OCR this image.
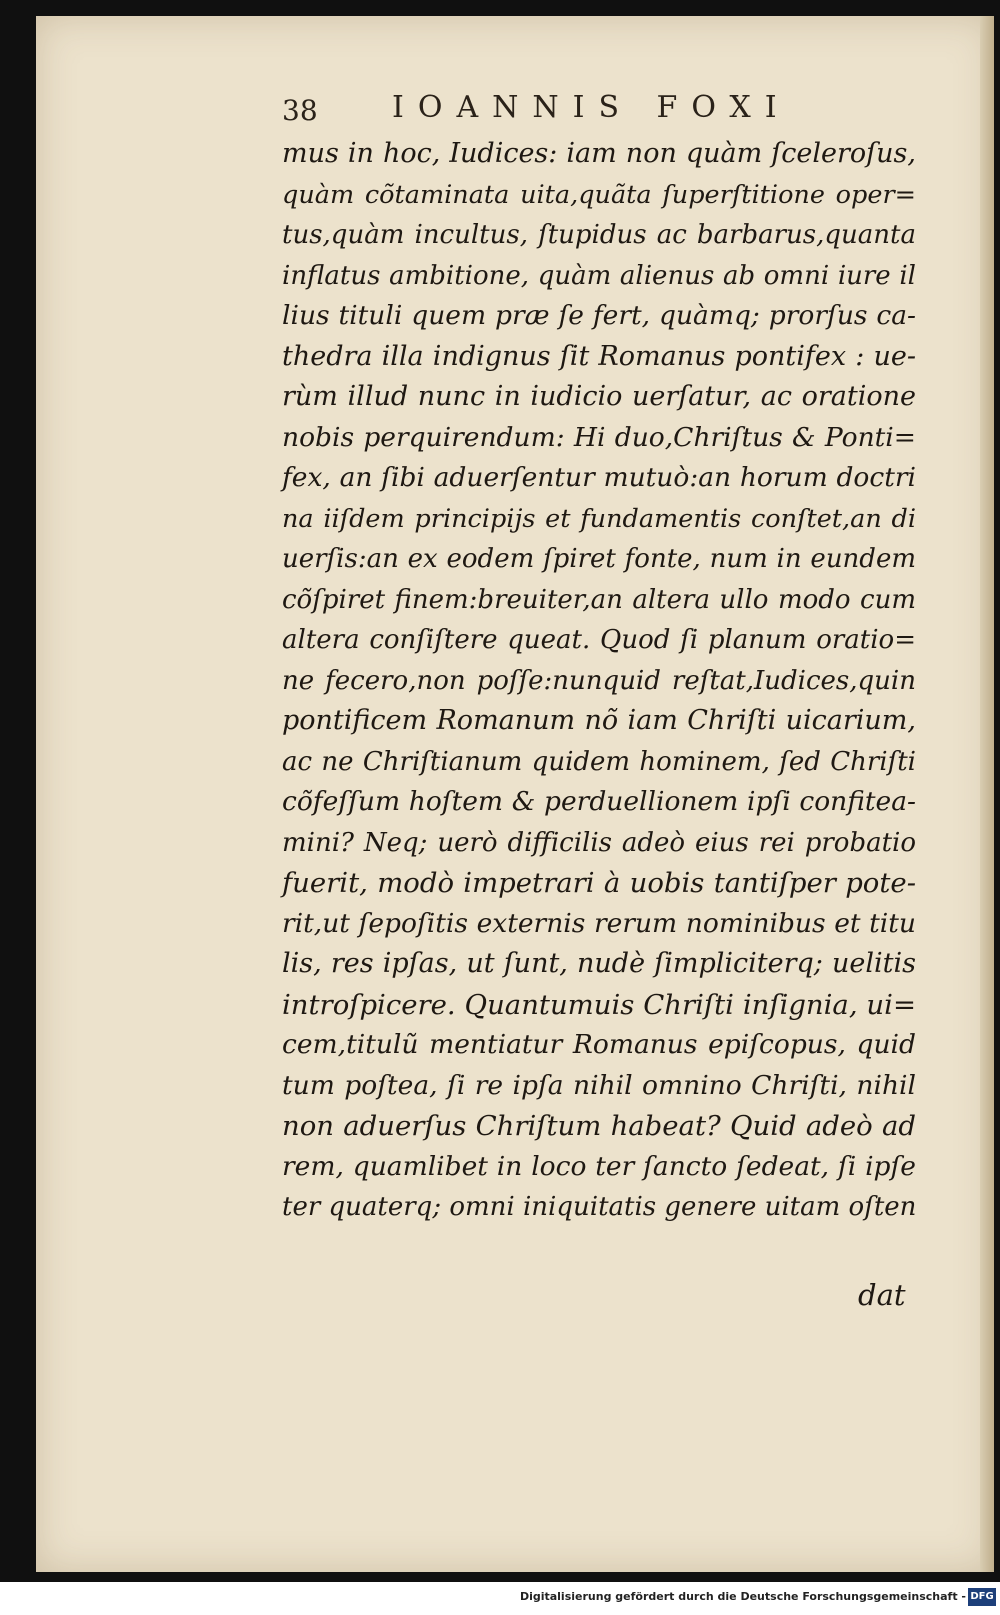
38 IOANNIS FOXI
mus in hoc, Iudices: iam non quàm ſceleroſus,
quàm cõtaminata uita,quãta ſuperſtitione oper=
tus,quàm incultus, ſtupidus ac barbarus,quanta
inflatus ambitione, quàm alienus ab omni iure il
lius tituli quem præ ſe fert, quàmq; prorſus ca-
thedra illa indignus ſit Romanus pontifex : ue-
rùm illud nunc in iudicio uerſatur, ac oratione
nobis perquirendum: Hi duo,Chriſtus & Ponti=
fex, an ſibi aduerſentur mutuò:an horum doctri
na iiſdem principijs et fundamentis conſtet,an di
uerſis:an ex eodem ſpiret fonte, num in eundem
cõſpiret finem:breuiter,an altera ullo modo cum
altera conſiſtere queat. Quod ſi planum oratio=
ne fecero,non poſſe:nunquid reſtat,Iudices,quin
pontificem Romanum nõ iam Chriſti uicarium,
ac ne Chriſtianum quidem hominem, ſed Chriſti
cõfeſſum hoſtem & perduellionem ipſi confitea-
mini? Neq; uerò difficilis adeò eius rei probatio
fuerit, modò impetrari à uobis tantiſper pote-
rit,ut ſepoſitis externis rerum nominibus et titu
lis, res ipſas, ut ſunt, nudè ſimpliciterq; uelitis
introſpicere. Quantumuis Chriſti inſignia, ui=
cem,titulũ mentiatur Romanus epiſcopus, quid
tum poſtea, ſi re ipſa nihil omnino Chriſti, nihil
non aduerſus Chriſtum habeat? Quid adeò ad
rem, quamlibet in loco ter ſancto ſedeat, ſi ipſe
ter quaterq; omni iniquitatis genere uitam oſten
dat
Digitalisierung gefördert durch die Deutsche Forschungsgemeinschaft - DFG
